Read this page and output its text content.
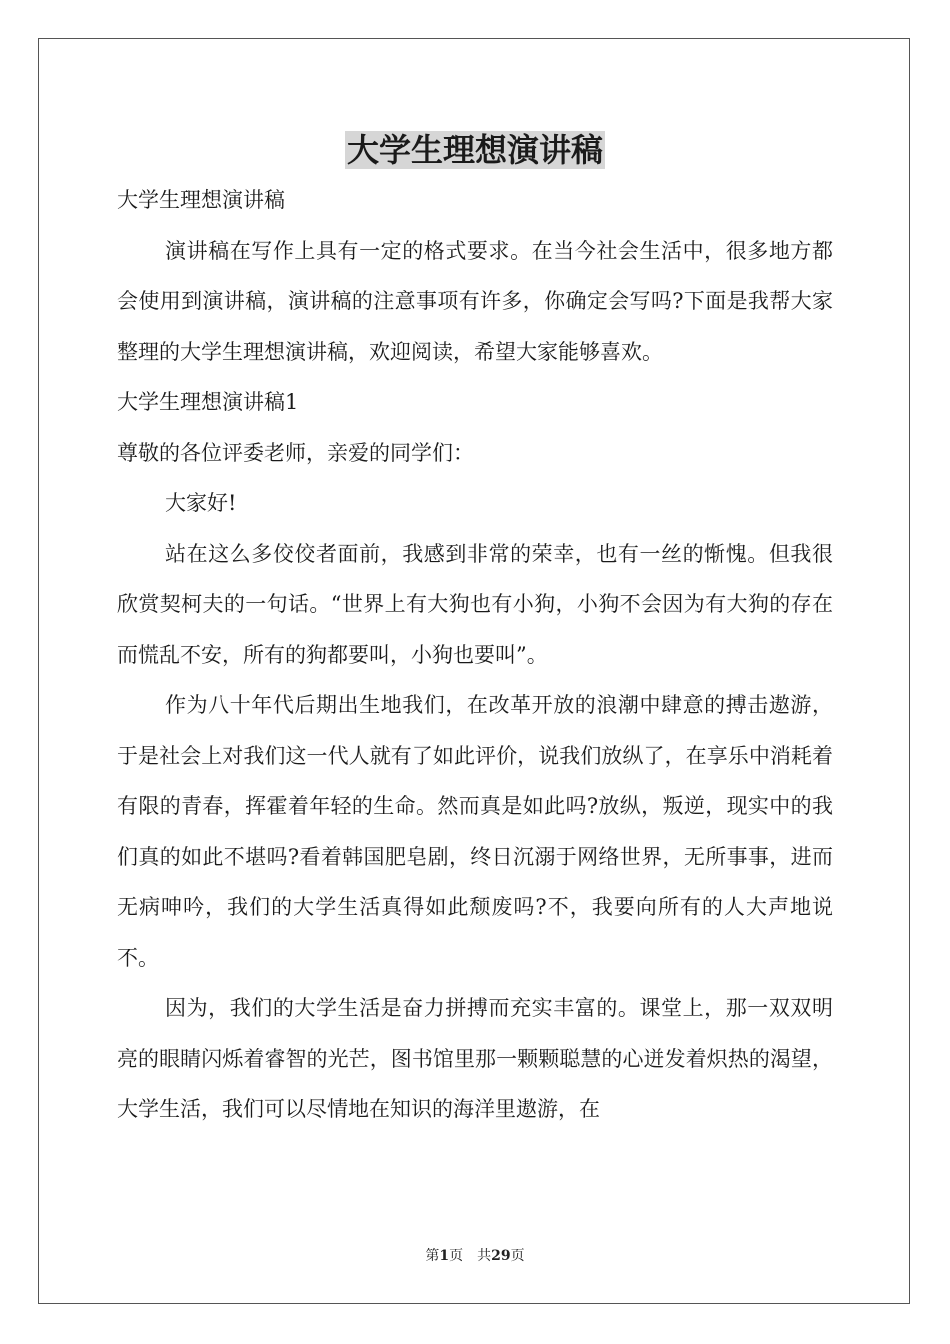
大学生理想演讲稿

大学生理想演讲稿

演讲稿在写作上具有一定的格式要求。在当今社会生活中，很多地方都会使用到演讲稿，演讲稿的注意事项有许多，你确定会写吗?下面是我帮大家整理的大学生理想演讲稿，欢迎阅读，希望大家能够喜欢。

大学生理想演讲稿1

尊敬的各位评委老师，亲爱的同学们：

大家好!

站在这么多佼佼者面前，我感到非常的荣幸，也有一丝的惭愧。但我很欣赏契柯夫的一句话。“世界上有大狗也有小狗，小狗不会因为有大狗的存在而慌乱不安，所有的狗都要叫，小狗也要叫”。

作为八十年代后期出生地我们，在改革开放的浪潮中肆意的搏击遨游，于是社会上对我们这一代人就有了如此评价，说我们放纵了，在享乐中消耗着有限的青春，挥霍着年轻的生命。然而真是如此吗?放纵，叛逆，现实中的我们真的如此不堪吗?看着韩国肥皂剧，终日沉溺于网络世界，无所事事，进而无病呻吟，我们的大学生活真得如此颓废吗?不，我要向所有的人大声地说不。

因为，我们的大学生活是奋力拼搏而充实丰富的。课堂上，那一双双明亮的眼睛闪烁着睿智的光芒，图书馆里那一颗颗聪慧的心迸发着炽热的渴望，大学生活，我们可以尽情地在知识的海洋里遨游，在

第1页 共29页
